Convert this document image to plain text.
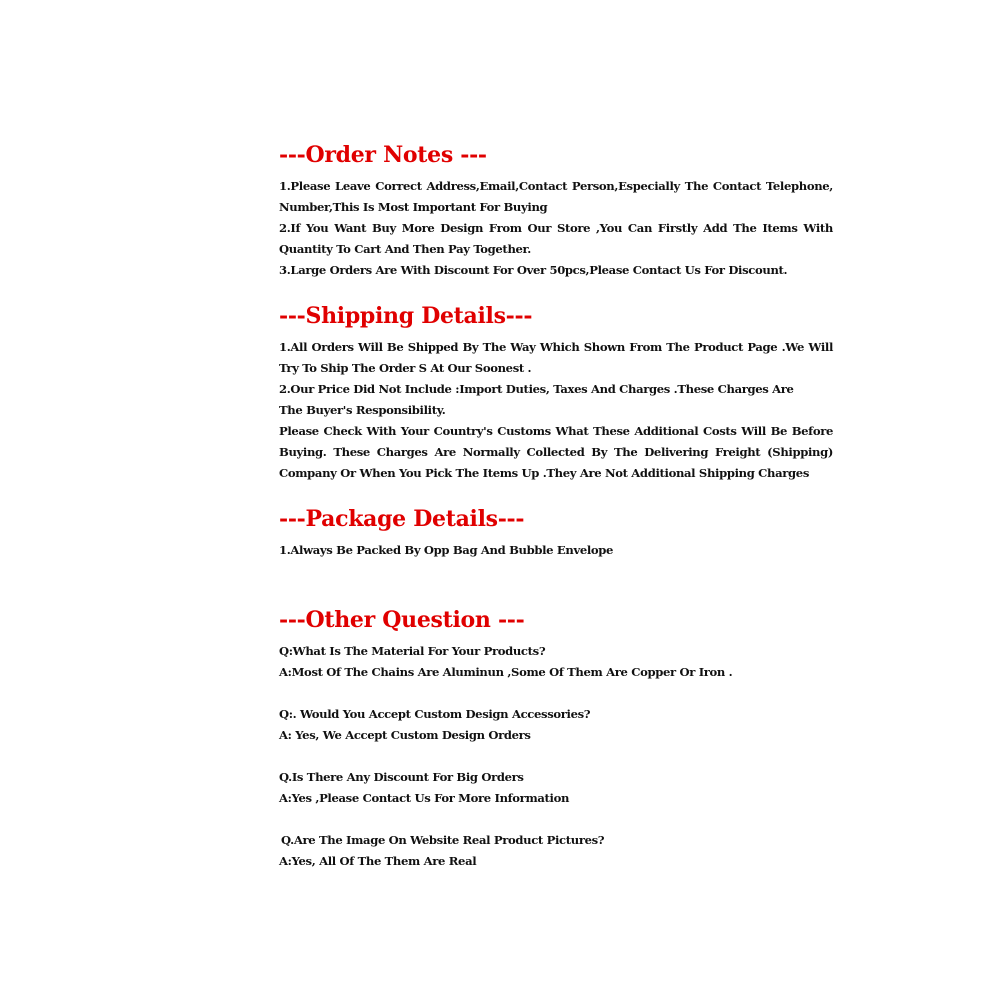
---Order Notes ---

1.Please Leave Correct Address,Email,Contact Person,Especially The Contact Telephone, Number,This Is Most Important For Buying

2.If You Want Buy More Design From Our Store ,You Can Firstly Add The Items With Quantity To Cart And Then Pay Together.

3.Large Orders Are With Discount For Over 50pcs,Please Contact Us For Discount.

---Shipping Details---

1.All Orders Will Be Shipped By The Way Which Shown From The Product Page .We Will Try To Ship The Order S At Our Soonest .

2.Our Price Did Not Include :Import Duties, Taxes And Charges .These Charges Are

The Buyer's Responsibility.

Please Check With Your Country's Customs What These Additional Costs Will Be Before Buying. These Charges Are Normally Collected By The Delivering Freight (Shipping) Company Or When You Pick The Items Up .They Are Not Additional Shipping Charges

---Package Details---

1.Always Be Packed By Opp Bag And Bubble Envelope

---Other Question ---

Q:What Is The Material For Your Products?

A:Most Of The Chains Are Aluminun ,Some Of Them Are Copper Or Iron .

Q:. Would You Accept Custom Design Accessories?

A: Yes, We Accept Custom Design Orders

Q.Is There Any Discount For Big Orders

A:Yes ,Please Contact Us For More Information

Q.Are The Image On Website Real Product Pictures?

A:Yes, All Of The Them Are Real
